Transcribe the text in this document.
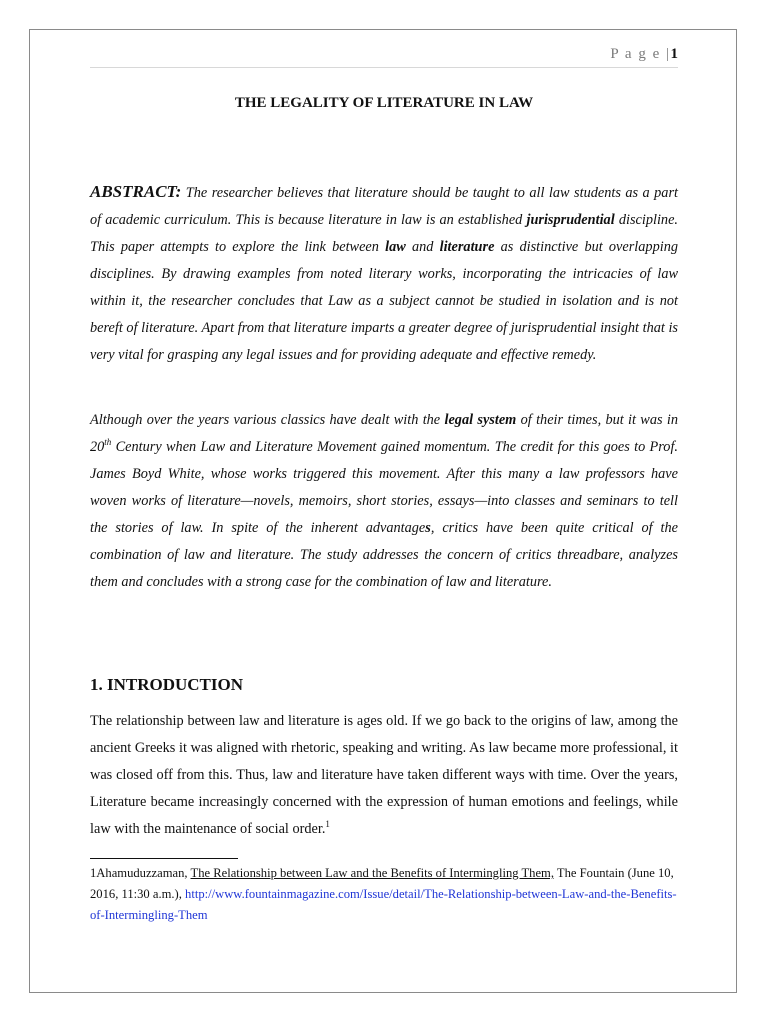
P a g e |1
THE LEGALITY OF LITERATURE IN LAW
ABSTRACT: The researcher believes that literature should be taught to all law students as a part of academic curriculum. This is because literature in law is an established jurisprudential discipline. This paper attempts to explore the link between law and literature as distinctive but overlapping disciplines. By drawing examples from noted literary works, incorporating the intricacies of law within it, the researcher concludes that Law as a subject cannot be studied in isolation and is not bereft of literature. Apart from that literature imparts a greater degree of jurisprudential insight that is very vital for grasping any legal issues and for providing adequate and effective remedy.
Although over the years various classics have dealt with the legal system of their times, but it was in 20th Century when Law and Literature Movement gained momentum. The credit for this goes to Prof. James Boyd White, whose works triggered this movement. After this many a law professors have woven works of literature—novels, memoirs, short stories, essays—into classes and seminars to tell the stories of law. In spite of the inherent advantages, critics have been quite critical of the combination of law and literature. The study addresses the concern of critics threadbare, analyzes them and concludes with a strong case for the combination of law and literature.
1. INTRODUCTION
The relationship between law and literature is ages old. If we go back to the origins of law, among the ancient Greeks it was aligned with rhetoric, speaking and writing. As law became more professional, it was closed off from this. Thus, law and literature have taken different ways with time. Over the years, Literature became increasingly concerned with the expression of human emotions and feelings, while law with the maintenance of social order.$^1$
1Ahamuduzzaman, The Relationship between Law and the Benefits of Intermingling Them, The Fountain (June 10, 2016, 11:30 a.m.), http://www.fountainmagazine.com/Issue/detail/The-Relationship-between-Law-and-the-Benefits-of-Intermingling-Them
